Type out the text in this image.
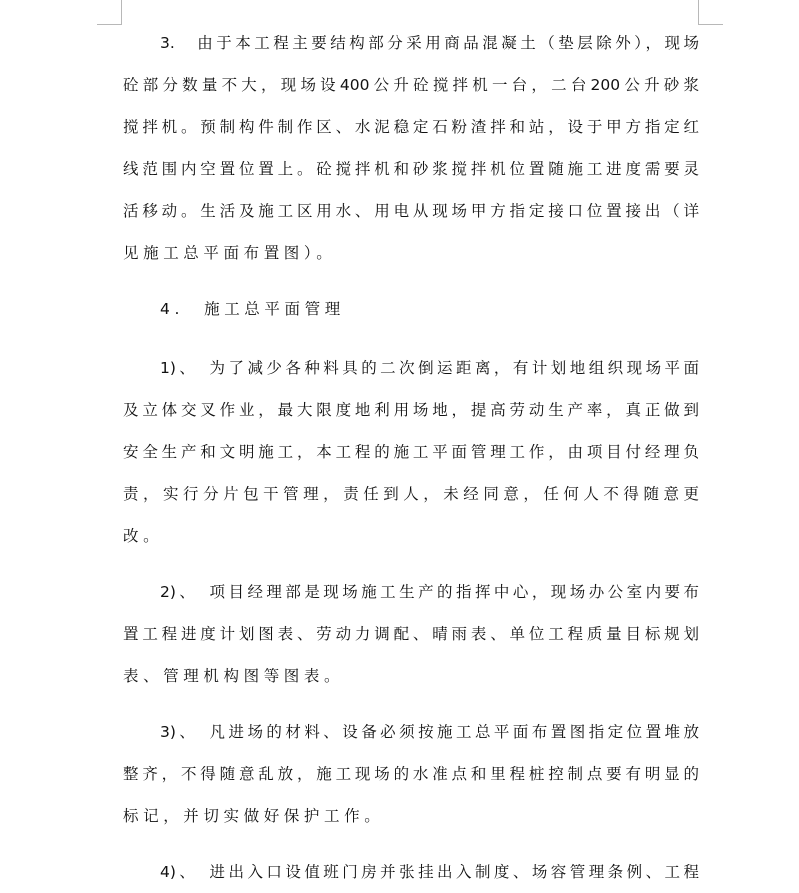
3.　由于本工程主要结构部分采用商品混凝土（垫层除外），现场
砼部分数量不大，现场设400公升砼搅拌机一台，二台200公升砂浆
搅拌机。预制构件制作区、水泥稳定石粉渣拌和站，设于甲方指定红
线范围内空置位置上。砼搅拌机和砂浆搅拌机位置随施工进度需要灵
活移动。生活及施工区用水、用电从现场甲方指定接口位置接出（详
见施工总平面布置图）。
4.　施工总平面管理
1)、　为了减少各种料具的二次倒运距离，有计划地组织现场平面
及立体交叉作业，最大限度地利用场地，提高劳动生产率，真正做到
安全生产和文明施工，本工程的施工平面管理工作，由项目付经理负
责，实行分片包干管理，责任到人，未经同意，任何人不得随意更
改。
2)、　项目经理部是现场施工生产的指挥中心，现场办公室内要布
置工程进度计划图表、劳动力调配、晴雨表、单位工程质量目标规划
表、管理机构图等图表。
3)、　凡进场的材料、设备必须按施工总平面布置图指定位置堆放
整齐，不得随意乱放，施工现场的水准点和里程桩控制点要有明显的
标记，并切实做好保护工作。
4)、　进出入口设值班门房并张挂出入制度、场容管理条例、工程
